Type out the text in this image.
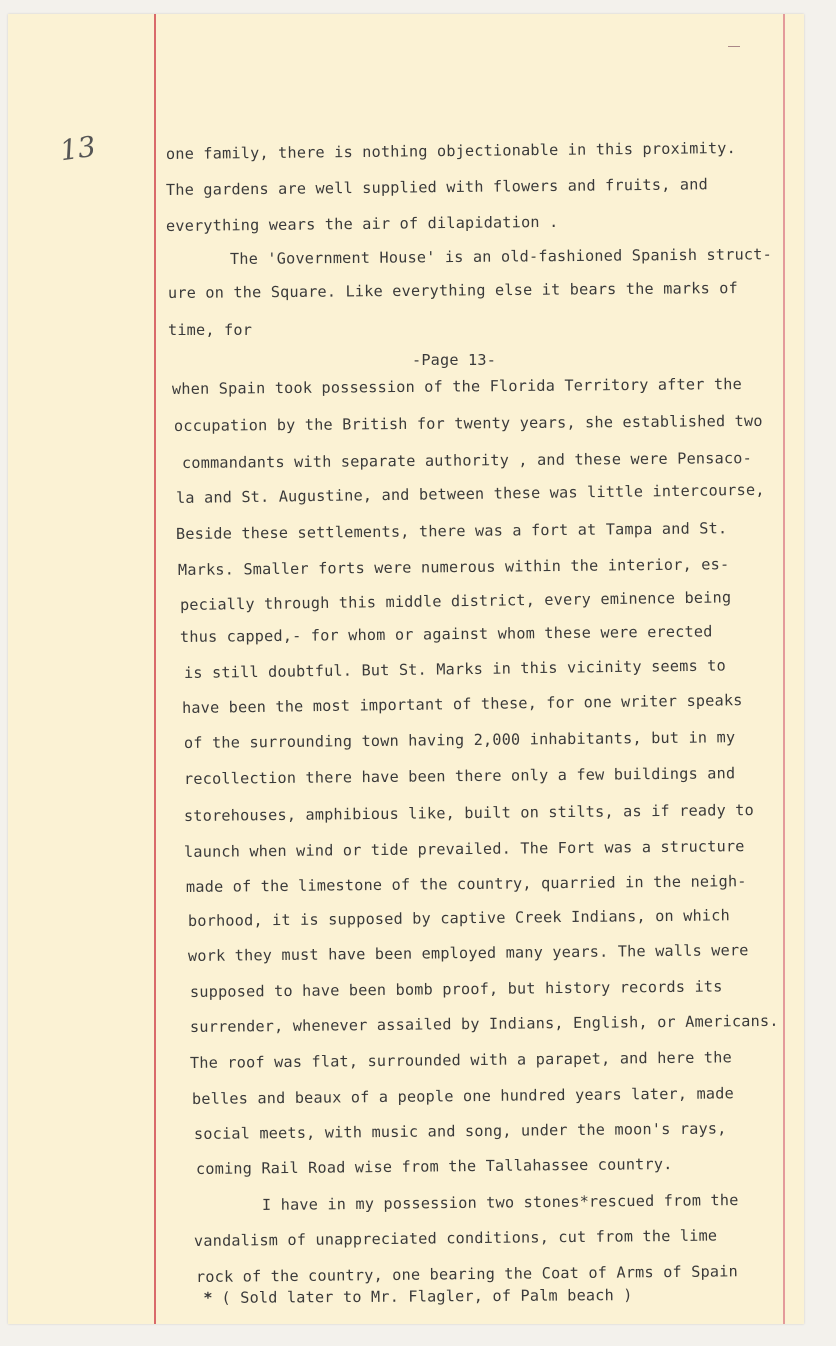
13	one family, there is nothing objectionable in this proximity.
The gardens are well supplied with flowers and fruits, and
everything wears the air of dilapidation .
The 'Government House' is an old-fashioned Spanish struct-
ure on the Square. Like everything else it bears the marks of
time, for
-Page 13-
when Spain took possession of the Florida Territory after the
occupation by the British for twenty years, she established two
commandants with separate authority , and these were Pensaco-
la and St. Augustine, and between these was little intercourse,
Beside these settlements, there was a fort at Tampa and St.
Marks. Smaller forts were numerous within the interior, es-
pecially through this middle district, every eminence being
thus capped,- for whom or against whom these were erected
is still doubtful. But St. Marks in this vicinity seems to
have been the most important of these, for one writer speaks
of the surrounding town having 2,000 inhabitants, but in my
recollection there have been there only a few buildings and
storehouses, amphibious like, built on stilts, as if ready to
launch when wind or tide prevailed. The Fort was a structure
made of the limestone of the country, quarried in the neigh-
borhood, it is supposed by captive Creek Indians, on which
work they must have been employed many years. The walls were
supposed to have been bomb proof, but history records its
surrender, whenever assailed by Indians, English, or Americans.
The roof was flat, surrounded with a parapet, and here the
belles and beaux of a people one hundred years later, made
social meets, with music and song, under the moon's rays,
coming Rail Road wise from the Tallahassee country.
I have in my possession two stones*rescued from the
vandalism of unappreciated conditions, cut from the lime
rock of the country, one bearing the Coat of Arms of Spain
* ( Sold later to Mr. Flagler, of Palm beach )
